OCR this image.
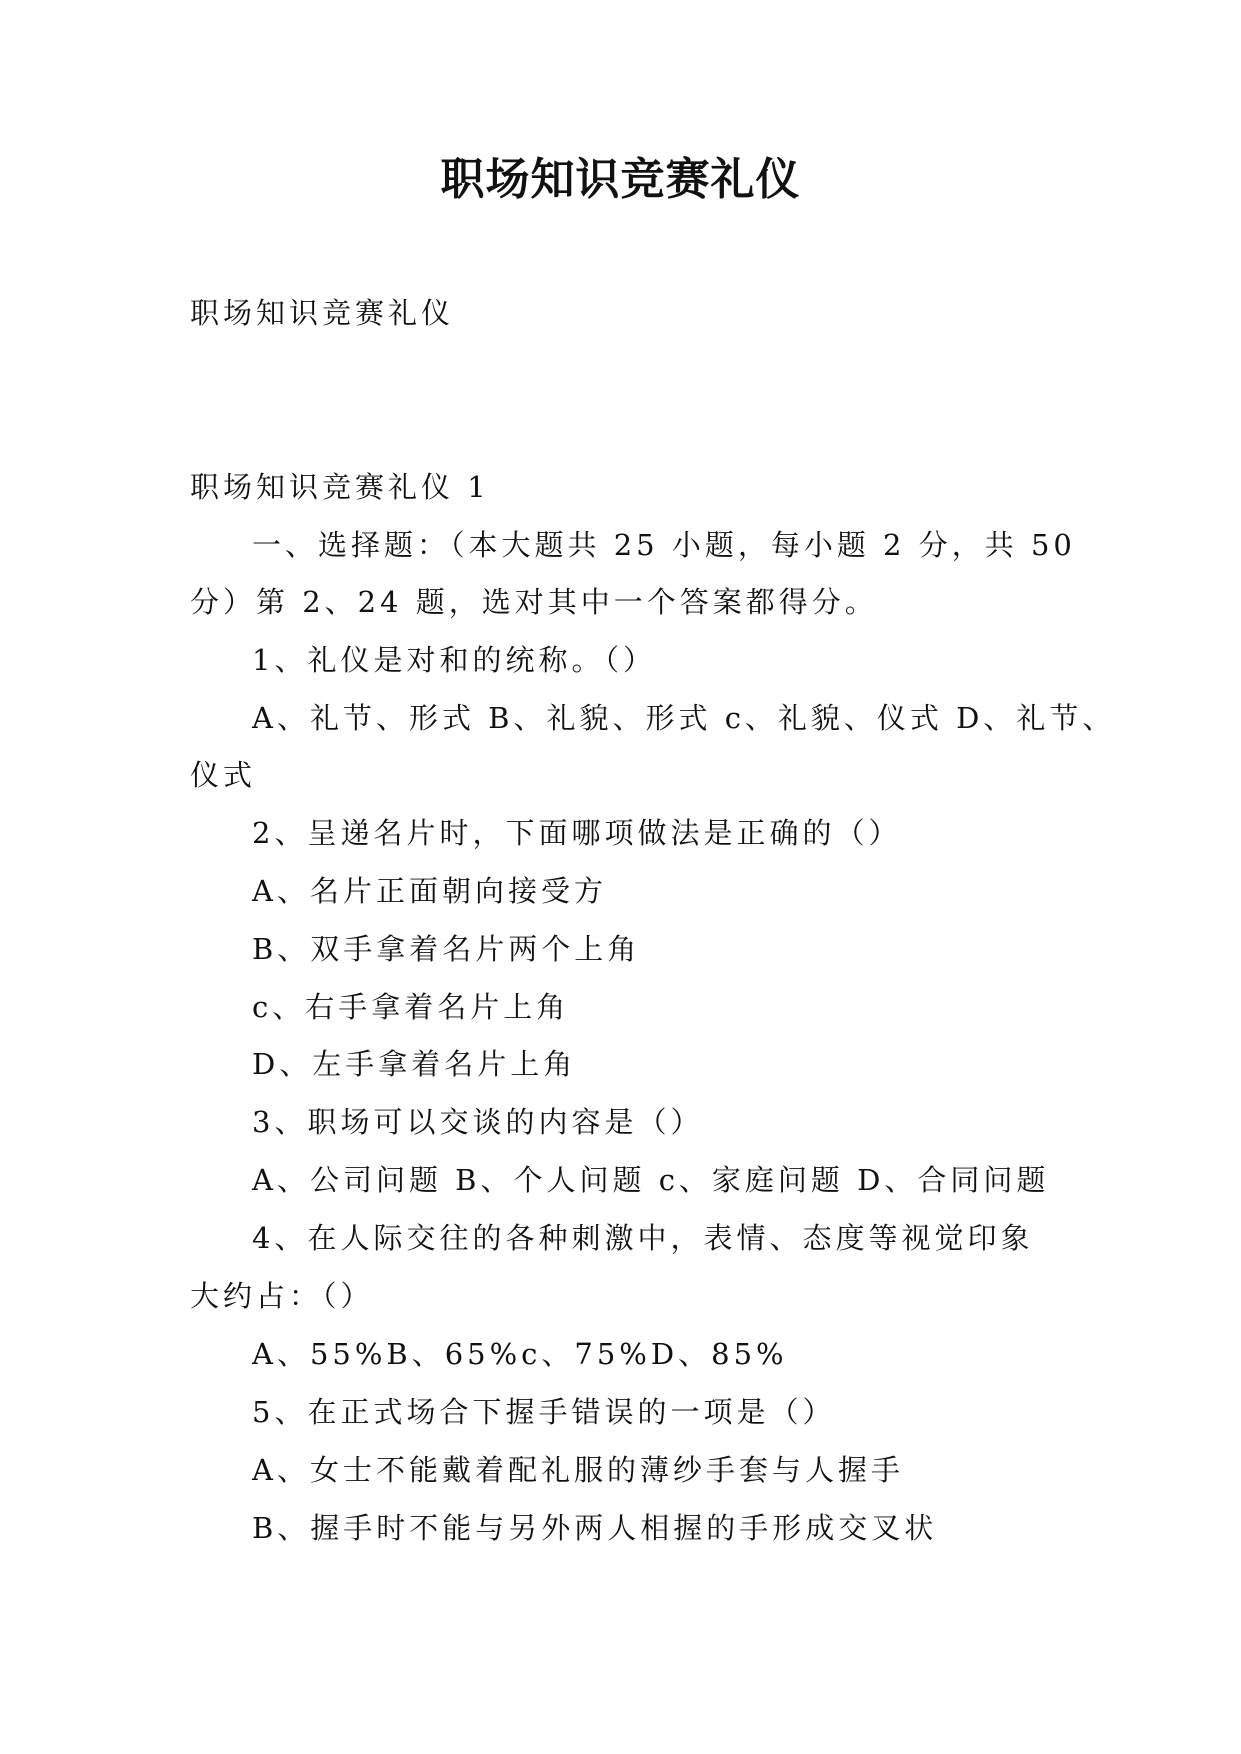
职场知识竞赛礼仪
职场知识竞赛礼仪
职场知识竞赛礼仪 1
一、选择题：（本大题共 25 小题，每小题 2 分，共 50
分）第 2、24 题，选对其中一个答案都得分。
1、礼仪是对和的统称。（）
A、礼节、形式 B、礼貌、形式 c、礼貌、仪式 D、礼节、
仪式
2、呈递名片时，下面哪项做法是正确的（）
A、名片正面朝向接受方
B、双手拿着名片两个上角
c、右手拿着名片上角
D、左手拿着名片上角
3、职场可以交谈的内容是（）
A、公司问题 B、个人问题 c、家庭问题 D、合同问题
4、在人际交往的各种刺激中，表情、态度等视觉印象
大约占：（）
A、55%B、65%c、75%D、85%
5、在正式场合下握手错误的一项是（）
A、女士不能戴着配礼服的薄纱手套与人握手
B、握手时不能与另外两人相握的手形成交叉状
